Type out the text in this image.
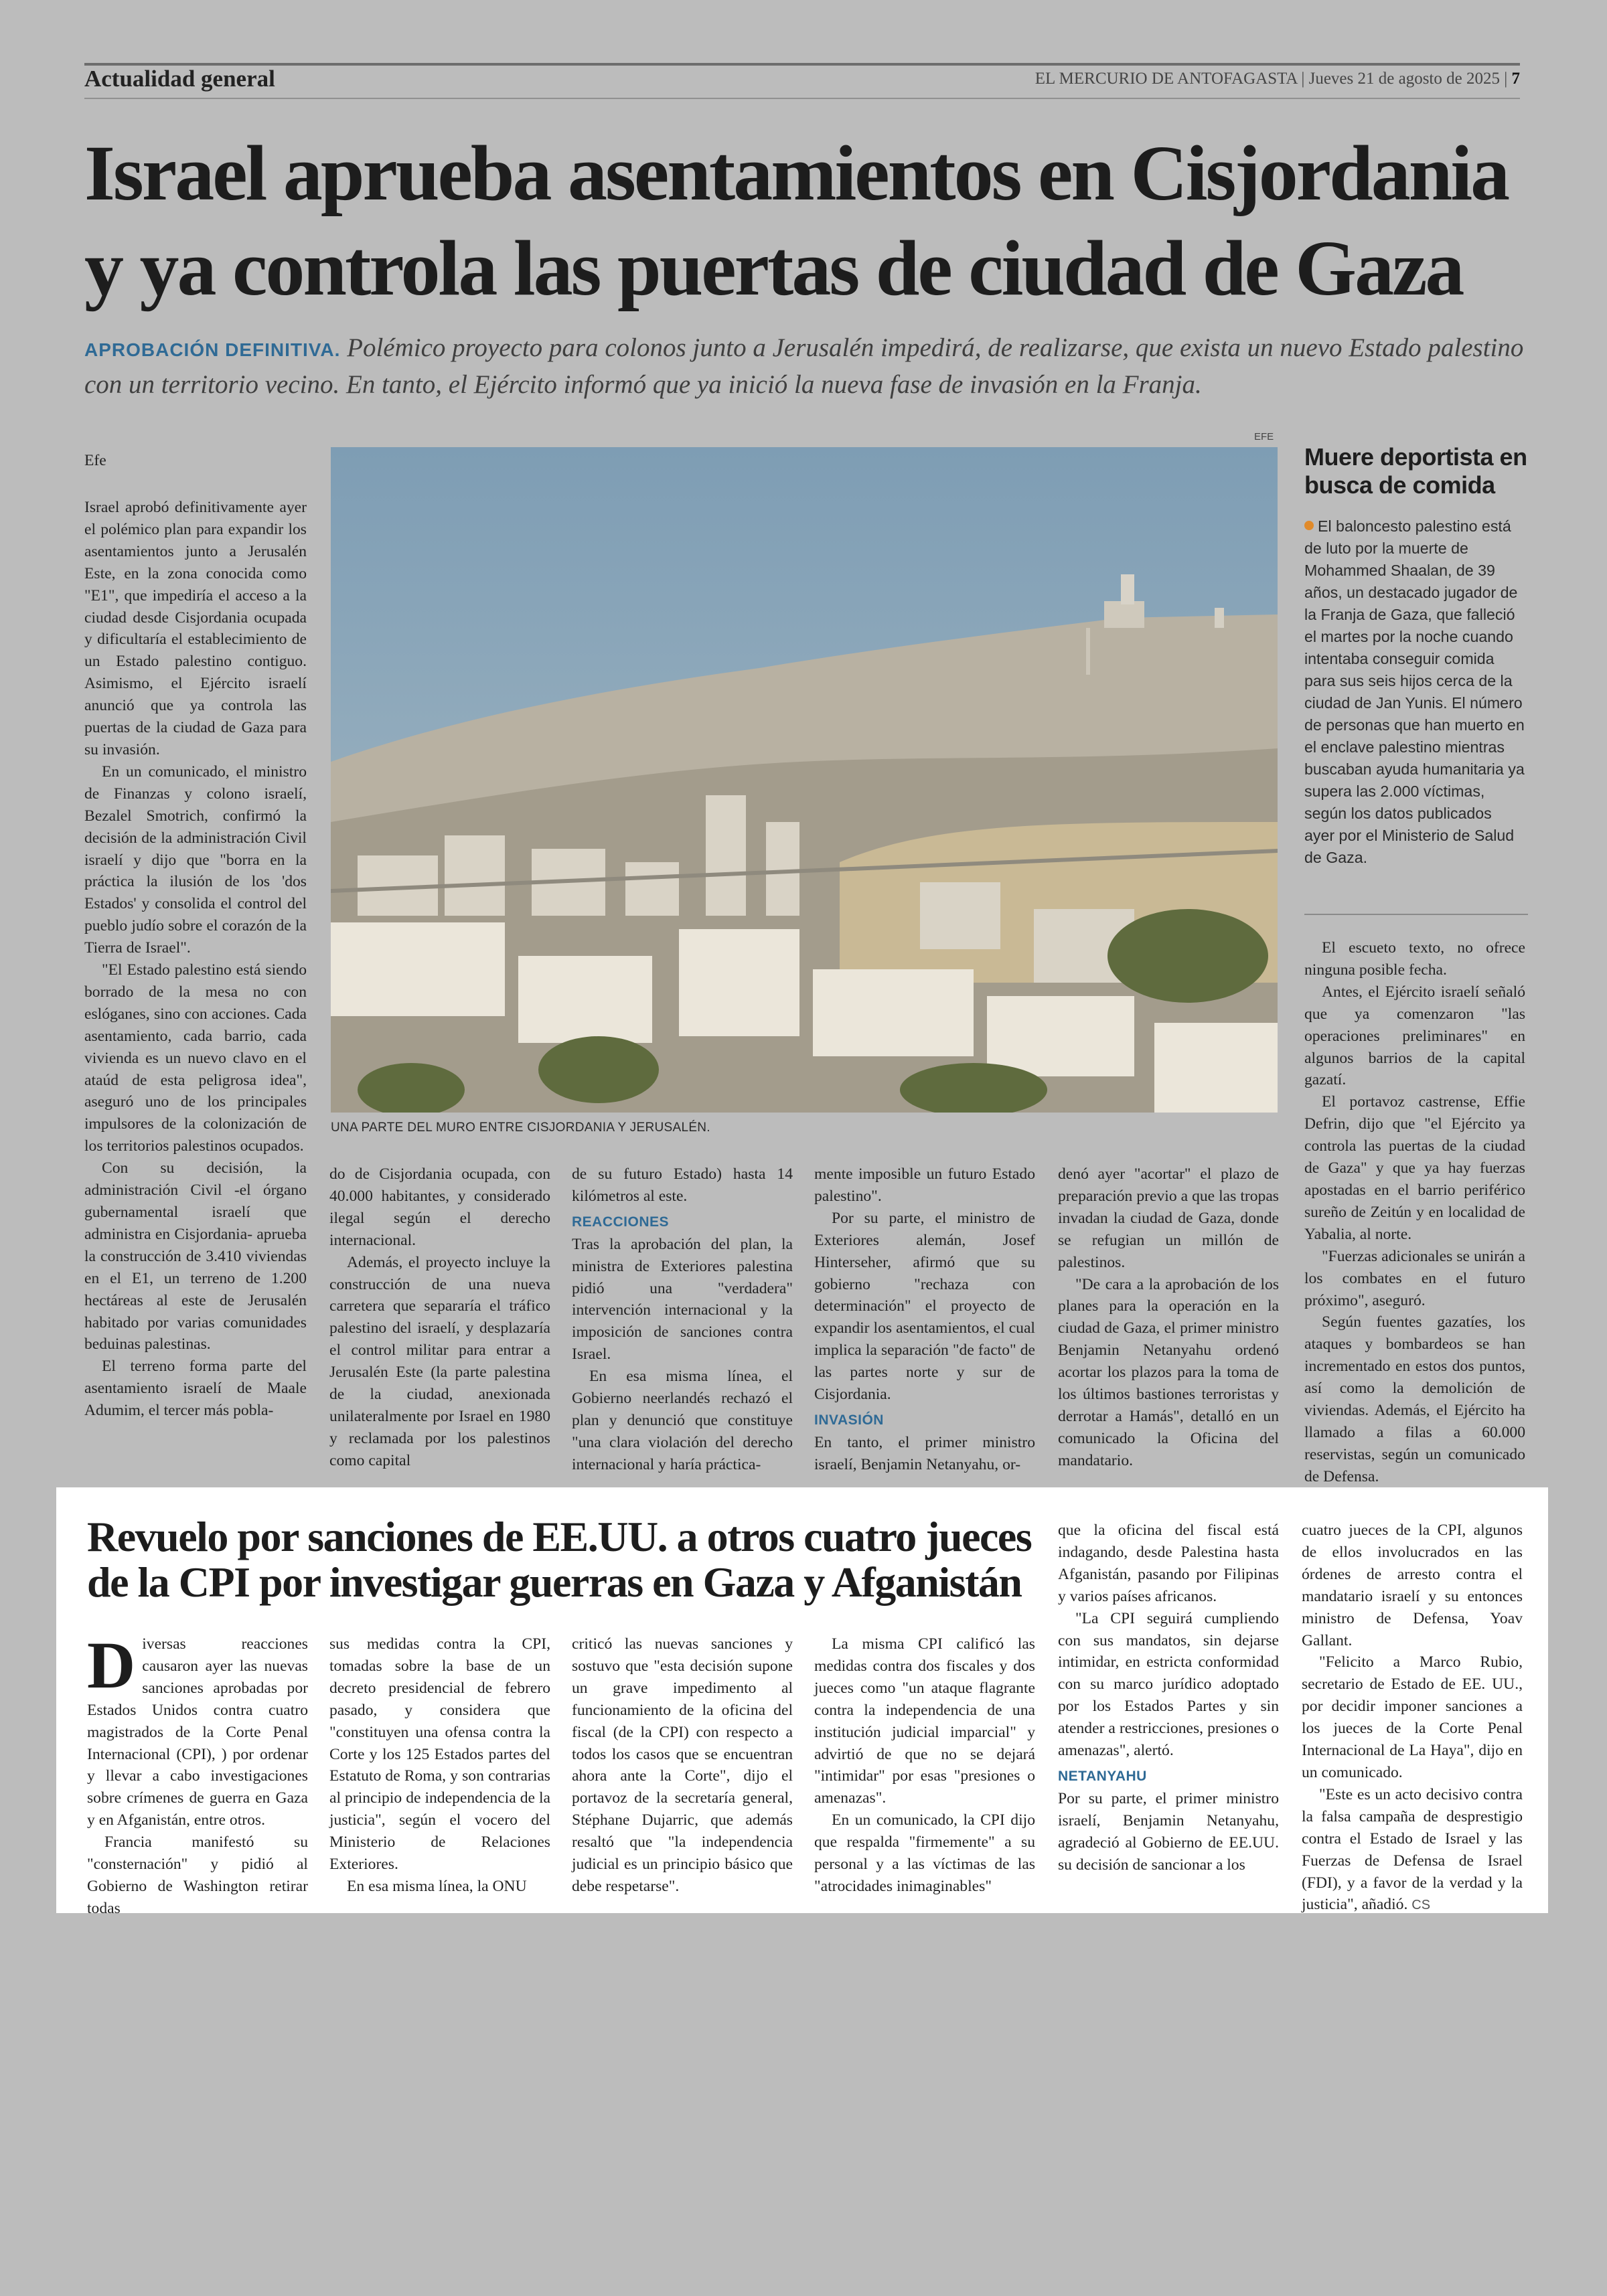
Actualidad general	EL MERCURIO DE ANTOFAGASTA | Jueves 21 de agosto de 2025 | 7
Israel aprueba asentamientos en Cisjordania
y ya controla las puertas de ciudad de Gaza
APROBACIÓN DEFINITIVA. Polémico proyecto para colonos junto a Jerusalén impedirá, de realizarse, que exista un nuevo Estado palestino con un territorio vecino. En tanto, el Ejército informó que ya inició la nueva fase de invasión en la Franja.
Efe

Israel aprobó definitivamente ayer el polémico plan para expandir los asentamientos junto a Jerusalén Este, en la zona conocida como "E1", que impediría el acceso a la ciudad desde Cisjordania ocupada y dificultaría el establecimiento de un Estado palestino contiguo. Asimismo, el Ejército israelí anunció que ya controla las puertas de la ciudad de Gaza para su invasión.

En un comunicado, el ministro de Finanzas y colono israelí, Bezalel Smotrich, confirmó la decisión de la administración Civil israelí y dijo que "borra en la práctica la ilusión de los 'dos Estados' y consolida el control del pueblo judío sobre el corazón de la Tierra de Israel".

"El Estado palestino está siendo borrado de la mesa no con eslóganes, sino con acciones. Cada asentamiento, cada barrio, cada vivienda es un nuevo clavo en el ataúd de esta peligrosa idea", aseguró uno de los principales impulsores de la colonización de los territorios palestinos ocupados.

Con su decisión, la administración Civil -el órgano gubernamental israelí que administra en Cisjordania- aprueba la construcción de 3.410 viviendas en el E1, un terreno de 1.200 hectáreas al este de Jerusalén habitado por varias comunidades beduinas palestinas.

El terreno forma parte del asentamiento israelí de Maale Adumim, el tercer más pobla-

EFE
UNA PARTE DEL MURO ENTRE CISJORDANIA Y JERUSALÉN.
Muere deportista en busca de comida
El baloncesto palestino está de luto por la muerte de Mohammed Shaalan, de 39 años, un destacado jugador de la Franja de Gaza, que falleció el martes por la noche cuando intentaba conseguir comida para sus seis hijos cerca de la ciudad de Jan Yunis. El número de personas que han muerto en el enclave palestino mientras buscaban ayuda humanitaria ya supera las 2.000 víctimas, según los datos publicados ayer por el Ministerio de Salud de Gaza.

do de Cisjordania ocupada, con 40.000 habitantes, y considerado ilegal según el derecho internacional.

Además, el proyecto incluye la construcción de una nueva carretera que separaría el tráfico palestino del israelí, y desplazaría el control militar para entrar a Jerusalén Este (la parte palestina de la ciudad, anexionada unilateralmente por Israel en 1980 y reclamada por los palestinos como capital

de su futuro Estado) hasta 14 kilómetros al este.

REACCIONES

Tras la aprobación del plan, la ministra de Exteriores palestina pidió una "verdadera" intervención internacional y la imposición de sanciones contra Israel.

En esa misma línea, el Gobierno neerlandés rechazó el plan y denunció que constituye "una clara violación del derecho internacional y haría práctica-

mente imposible un futuro Estado palestino".

Por su parte, el ministro de Exteriores alemán, Josef Hinterseher, afirmó que su gobierno "rechaza con determinación" el proyecto de expandir los asentamientos, el cual implica la separación "de facto" de las partes norte y sur de Cisjordania.

INVASIÓN

En tanto, el primer ministro israelí, Benjamin Netanyahu, or-

denó ayer "acortar" el plazo de preparación previo a que las tropas invadan la ciudad de Gaza, donde se refugian un millón de palestinos.

"De cara a la aprobación de los planes para la operación en la ciudad de Gaza, el primer ministro Benjamin Netanyahu ordenó acortar los plazos para la toma de los últimos bastiones terroristas y derrotar a Hamás", detalló en un comunicado la Oficina del mandatario.

El escueto texto, no ofrece ninguna posible fecha.

Antes, el Ejército israelí señaló que ya comenzaron "las operaciones preliminares" en algunos barrios de la capital gazatí.

El portavoz castrense, Effie Defrin, dijo que "el Ejército ya controla las puertas de la ciudad de Gaza" y que ya hay fuerzas apostadas en el barrio periférico sureño de Zeitún y en localidad de Yabalia, al norte.

"Fuerzas adicionales se unirán a los combates en el futuro próximo", aseguró.

Según fuentes gazatíes, los ataques y bombardeos se han incrementado en estos dos puntos, así como la demolición de viviendas. Además, el Ejército ha llamado a filas a 60.000 reservistas, según un comunicado de Defensa.

Revuelo por sanciones de EE.UU. a otros cuatro jueces
de la CPI por investigar guerras en Gaza y Afganistán

Diversas reacciones causaron ayer las nuevas sanciones aprobadas por Estados Unidos contra cuatro magistrados de la Corte Penal Internacional (CPI), ) por ordenar y llevar a cabo investigaciones sobre crímenes de guerra en Gaza y en Afganistán, entre otros.

Francia manifestó su "consternación" y pidió al Gobierno de Washington retirar todas

sus medidas contra la CPI, tomadas sobre la base de un decreto presidencial de febrero pasado, y considera que "constituyen una ofensa contra la Corte y los 125 Estados partes del Estatuto de Roma, y son contrarias al principio de independencia de la justicia", según el vocero del Ministerio de Relaciones Exteriores.

En esa misma línea, la ONU

criticó las nuevas sanciones y sostuvo que "esta decisión supone un grave impedimento al funcionamiento de la oficina del fiscal (de la CPI) con respecto a todos los casos que se encuentran ahora ante la Corte", dijo el portavoz de la secretaría general, Stéphane Dujarric, que además resaltó que "la independencia judicial es un principio básico que debe respetarse".

La misma CPI calificó las medidas contra dos fiscales y dos jueces como "un ataque flagrante contra la independencia de una institución judicial imparcial" y advirtió de que no se dejará "intimidar" por esas "presiones o amenazas".

En un comunicado, la CPI dijo que respalda "firmemente" a su personal y a las víctimas de las "atrocidades inimaginables"

que la oficina del fiscal está indagando, desde Palestina hasta Afganistán, pasando por Filipinas y varios países africanos.

"La CPI seguirá cumpliendo con sus mandatos, sin dejarse intimidar, en estricta conformidad con su marco jurídico adoptado por los Estados Partes y sin atender a restricciones, presiones o amenazas", alertó.

NETANYAHU

Por su parte, el primer ministro israelí, Benjamin Netanyahu, agradeció al Gobierno de EE.UU. su decisión de sancionar a los

cuatro jueces de la CPI, algunos de ellos involucrados en las órdenes de arresto contra el mandatario israelí y su entonces ministro de Defensa, Yoav Gallant.

"Felicito a Marco Rubio, secretario de Estado de EE. UU., por decidir imponer sanciones a los jueces de la Corte Penal Internacional de La Haya", dijo en un comunicado.

"Este es un acto decisivo contra la falsa campaña de desprestigio contra el Estado de Israel y las Fuerzas de Defensa de Israel (FDI), y a favor de la verdad y la justicia", añadió. CS
